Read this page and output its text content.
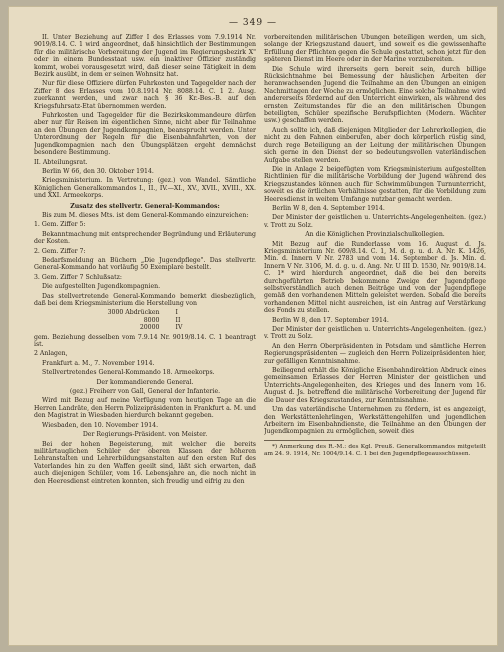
— 349 —

II. Unter Beziehung auf Ziffer I des Erlasses vom 7.9.1914 Nr. 9019/8.14. C. 1 wird angeordnet, daß hinsichtlich der Bestimmungen für die militärische Vorbereitung der Jugend im Regierungsbezirk X" oder in einem Bundesstaat usw. ein inaktiver Offizier zuständig kommt, wobei vorausgesetzt wird, daß dieser seine Tätigkeit in dem Bezirk ausübt, in dem er seinen Wohnsitz hat.

Nur für diese Offiziere dürfen Fuhrkosten und Tagegelder nach der Ziffer 8 des Erlasses vom 10.8.1914 Nr. 8088.14. C. 1 2. Ausg. zuerkannt werden, und zwar nach § 36 Kr.-Bes.-B. auf den Kriegsfuhrsatz-Etat übernommen werden.

Fuhrkosten und Tagegelder für die Bezirkskommandeure dürfen aber nur für Reisen im eigentlichen Sinne, nicht aber für Teilnahme an den Übungen der Jugendkompagnien, beansprucht werden. Unter Unterordnung der Regeln für die Eisenbahnfahrten, von der Jugendkompagnien nach den Übungsplätzen ergeht demnächst besondere Bestimmung.

II. Abteilungsrat.

Berlin W 66, den 30. Oktober 1914.

Kriegsministerium. In Vertretung: (gez.) von Wandel. Sämtliche Königlichen Generalkommandos I., II., IV.—XI., XV., XVII., XVIII., XX. und XXI. Armeekorps.

Zusatz des stellvertr. General-Kommandos:

Bis zum M. dieses Mts. ist dem General-Kommando einzureichen:

1. Gem. Ziffer 5:

Bekanntmachung mit entsprechender Begründung und Erläuterung der Kosten.

2. Gem. Ziffer 7:

Bedarfsmeldung an Büchern „Die Jugendpflege". Das stellvertr. General-Kommando hat vorläufig 50 Exemplare bestellt.

3. Gem. Ziffer 7 Schlußsatz:

Die aufgestellten Jugendkompagnien.

Das stellvertretende General-Kommando bemerkt diesbezüglich, daß bei dem Kriegsministerium die Herstellung von

3000 Abdrücken	I
8000	II
20000	IV

gem. Beziehung desselben vom 7.9.14 Nr. 9019/8.14. C. 1 beantragt ist.

2 Anlagen,

Frankfurt a. M., 7. November 1914.

Stellvertretendes General-Kommando 18. Armeekorps.

Der kommandierende General.

(gez.) Freiherr von Gall, General der Infanterie.

Wird mit Bezug auf meine Verfügung vom heutigen Tage an die Herren Landräte, den Herrn Polizeipräsidenten in Frankfurt a. M. und den Magistrat in Wiesbaden hierdurch bekannt gegeben.

Wiesbaden, den 10. November 1914.

Der Regierungs-Präsident. von Meister.

Bei der hohen Begeisterung, mit welcher die bereits militärtauglichen Schüler der oberen Klassen der höheren Lehranstalten und Lehrerbildungsanstalten auf den ersten Ruf des Vaterlandes hin zu den Waffen geeilt sind, läßt sich erwarten, daß auch diejenigen Schüler, vom 16. Lebensjahre an, die noch nicht in den Heeresdienst eintreten konnten, sich freudig und eifrig zu den

vorbereitenden militärischen Übungen beteiligen werden, um sich, solange der Kriegszustand dauert, und soweit es die gewissenhafte Erfüllung der Pflichten gegen die Schule gestattet, schon jetzt für den späteren Dienst im Heere oder in der Marine vorzubereiten.

Die Schule wird ihrerseits gern bereit sein, durch billige Rücksichtnahme bei Bemessung der häuslichen Arbeiten der heranwachsenden Jugend die Teilnahme an den Übungen an einigen Nachmittagen der Woche zu ermöglichen. Eine solche Teilnahme wird andererseits fördernd auf den Unterricht einwirken, als während des ernsten Zeitumstandes für die an den militärischen Übungen beteiligten, Schüler spezifische Berufspflichten (Modern. Wächter usw.) geschaffen werden.

Auch sollte ich, daß diejenigen Mitglieder der Lehrerkollegien, die nicht zu den Fahnen einberufen, aber doch körperlich rüstig sind, durch rege Beteiligung an der Leitung der militärischen Übungen sich gerne in den Dienst der so bedeutungsvollen vaterländischen Aufgabe stellen werden.

Die in Anlage 2 beigefügten vom Kriegsministerium aufgestellten Richtlinien für die militärische Vorbildung der Jugend während des Kriegszustandes können auch für Schwimmübungen Turnunterricht, soweit es die örtlichen Verhältnisse gestatten, für die Vorbildung zum Heeresdienst in weitem Umfange nutzbar gemacht werden.

Berlin W 8, den 4. September 1914.

Der Minister der geistlichen u. Unterrichts-Angelegenheiten. (gez.) v. Trott zu Solz.

An die Königlichen Provinzialschulkollegien.

Mit Bezug auf die Runderlasse vom 16. August d. Js. Kriegsministerium Nr. 609/8.14. C. 1, M. d. g. u. d. A. Nr. K. 1426, Min. d. Innern V Nr. 2783 und vom 14. September d. Js. Min. d. Innern V Nr. 3106, M. d. g. u. d. Ang. Nr. U III D. 1530, Nr. 9019/8.14. C. 1* wird hierdurch angeordnet, daß die bei den bereits durchgeführten Betrieb bekommene Zweige der Jugendpflege selbstverständlich auch denen Beiträge und von der Jugendpflege gemäß den vorhandenen Mitteln geleistet werden. Sobald die bereits vorhandenen Mittel nicht ausreichen, ist ein Antrag auf Verstärkung des Fonds zu stellen.

Berlin W 8, den 17. September 1914.

Der Minister der geistlichen u. Unterrichts-Angelegenheiten. (gez.) v. Trott zu Solz.

An den Herrn Oberpräsidenten in Potsdam und sämtliche Herren Regierungspräsidenten — zugleich den Herrn Polizeipräsidenten hier, zur gefälligen Kenntnisnahme.

Beiliegend erhält die Königliche Eisenbahndirektion Abdruck eines gemeinsamen Erlasses der Herren Minister der geistlichen und Unterrichts-Angelegenheiten, des Krieges und des Innern vom 16. August d. Js. betreffend die militärische Vorbereitung der Jugend für die Dauer des Kriegszustandes, zur Kenntnisnahme.

Um das vaterländische Unternehmen zu fördern, ist es angezeigt, den Werkstättenlehrlingen, Werkstättengehilfen und jugendlichen Arbeitern im Eisenbahndienste, die Teilnahme an den Übungen der Jugendkompagnien zu ermöglichen, soweit dies

*) Anmerkung des R.-M.: des Kgl. Preuß. Generalkommandos mitgeteilt am 24. 9. 1914, Nr. 1004/9.14. C. 1 bei den Jugendpflegeausschüssen.
